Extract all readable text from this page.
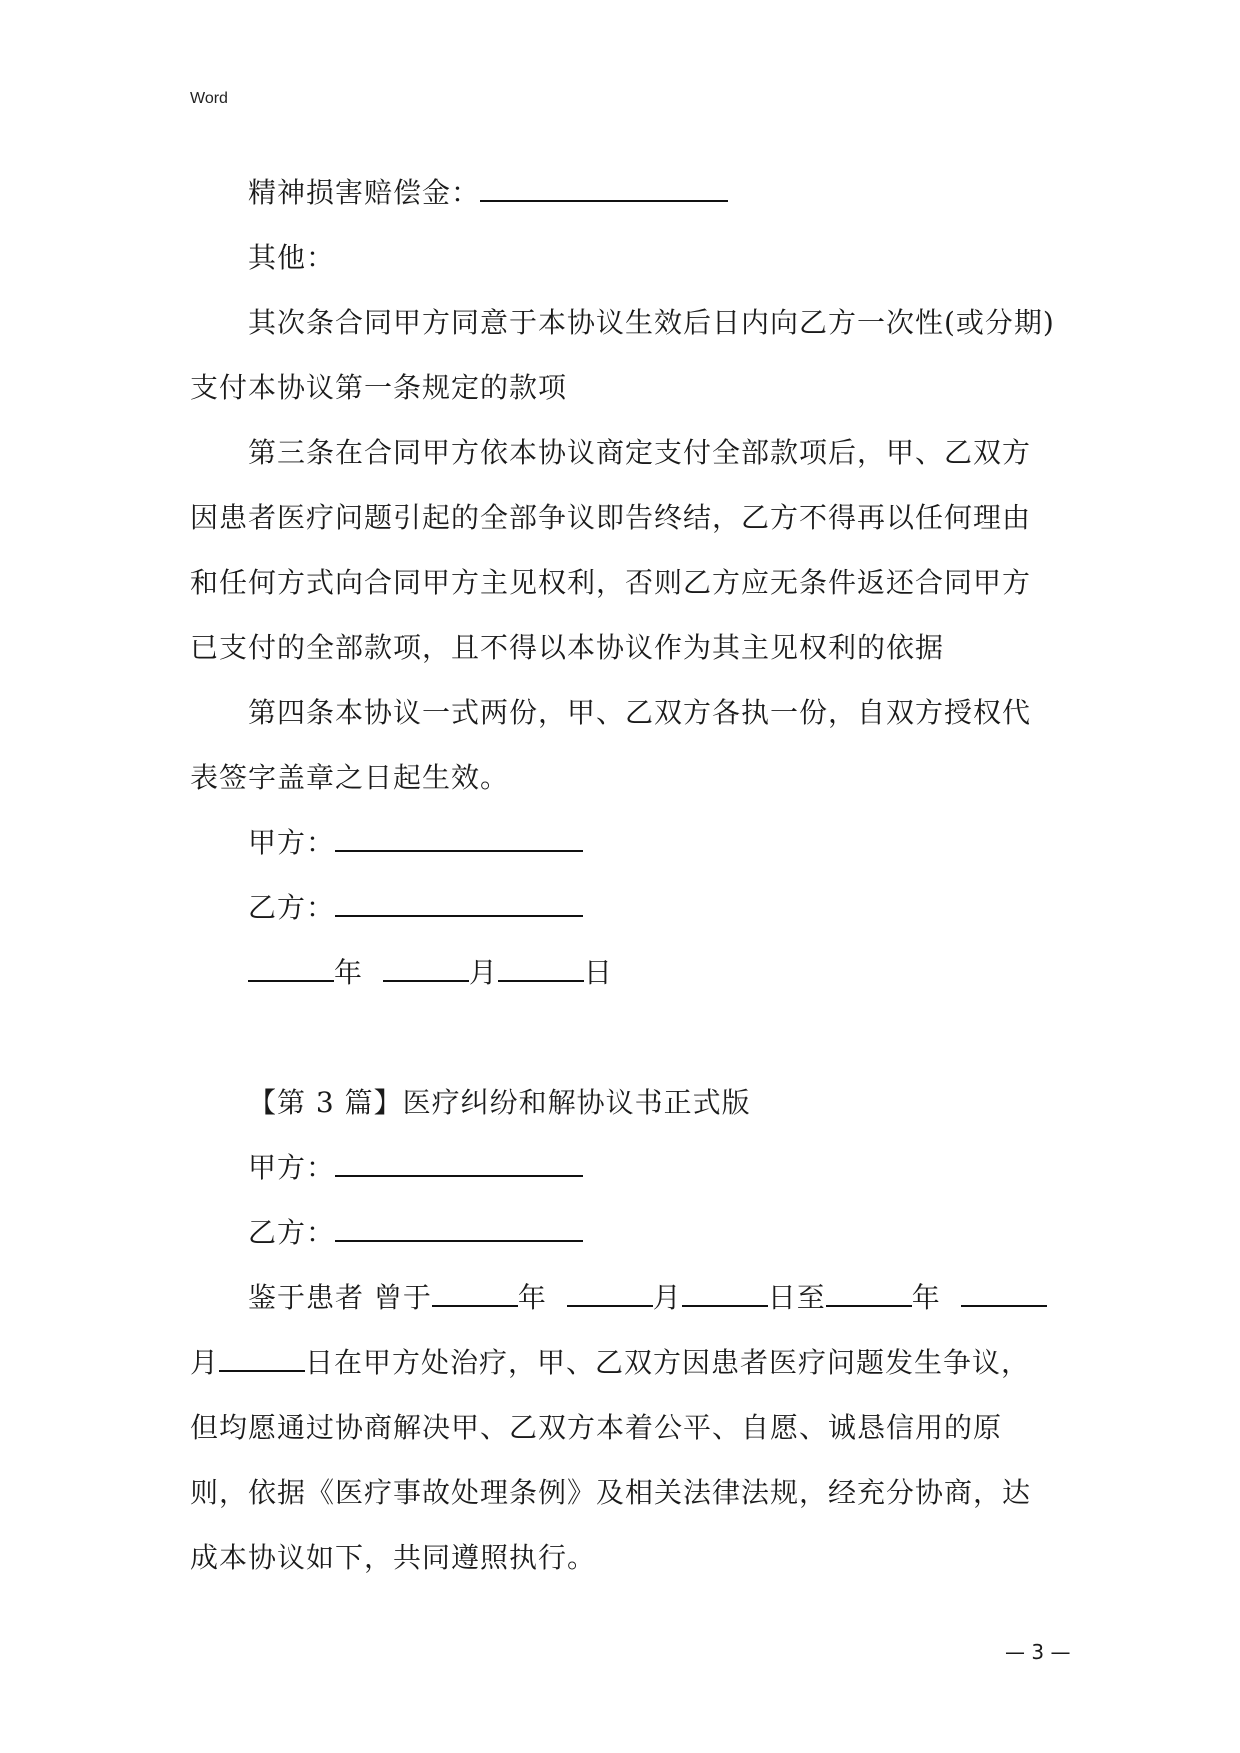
Word

精神损害赔偿金：

其他：

其次条合同甲方同意于本协议生效后日内向乙方一次性(或分期)

支付本协议第一条规定的款项

第三条在合同甲方依本协议商定支付全部款项后，甲、乙双方

因患者医疗问题引起的全部争议即告终结，乙方不得再以任何理由

和任何方式向合同甲方主见权利，否则乙方应无条件返还合同甲方

已支付的全部款项，且不得以本协议作为其主见权利的依据

第四条本协议一式两份，甲、乙双方各执一份，自双方授权代

表签字盖章之日起生效。

甲方：

乙方：

年	月	日

【第 3 篇】医疗纠纷和解协议书正式版

甲方：

乙方：

鉴于患者 曾于	年	月	日至	年

月	日在甲方处治疗，甲、乙双方因患者医疗问题发生争议，

但均愿通过协商解决甲、乙双方本着公平、自愿、诚恳信用的原

则，依据《医疗事故处理条例》及相关法律法规，经充分协商，达

成本协议如下，共同遵照执行。

— 3 —
